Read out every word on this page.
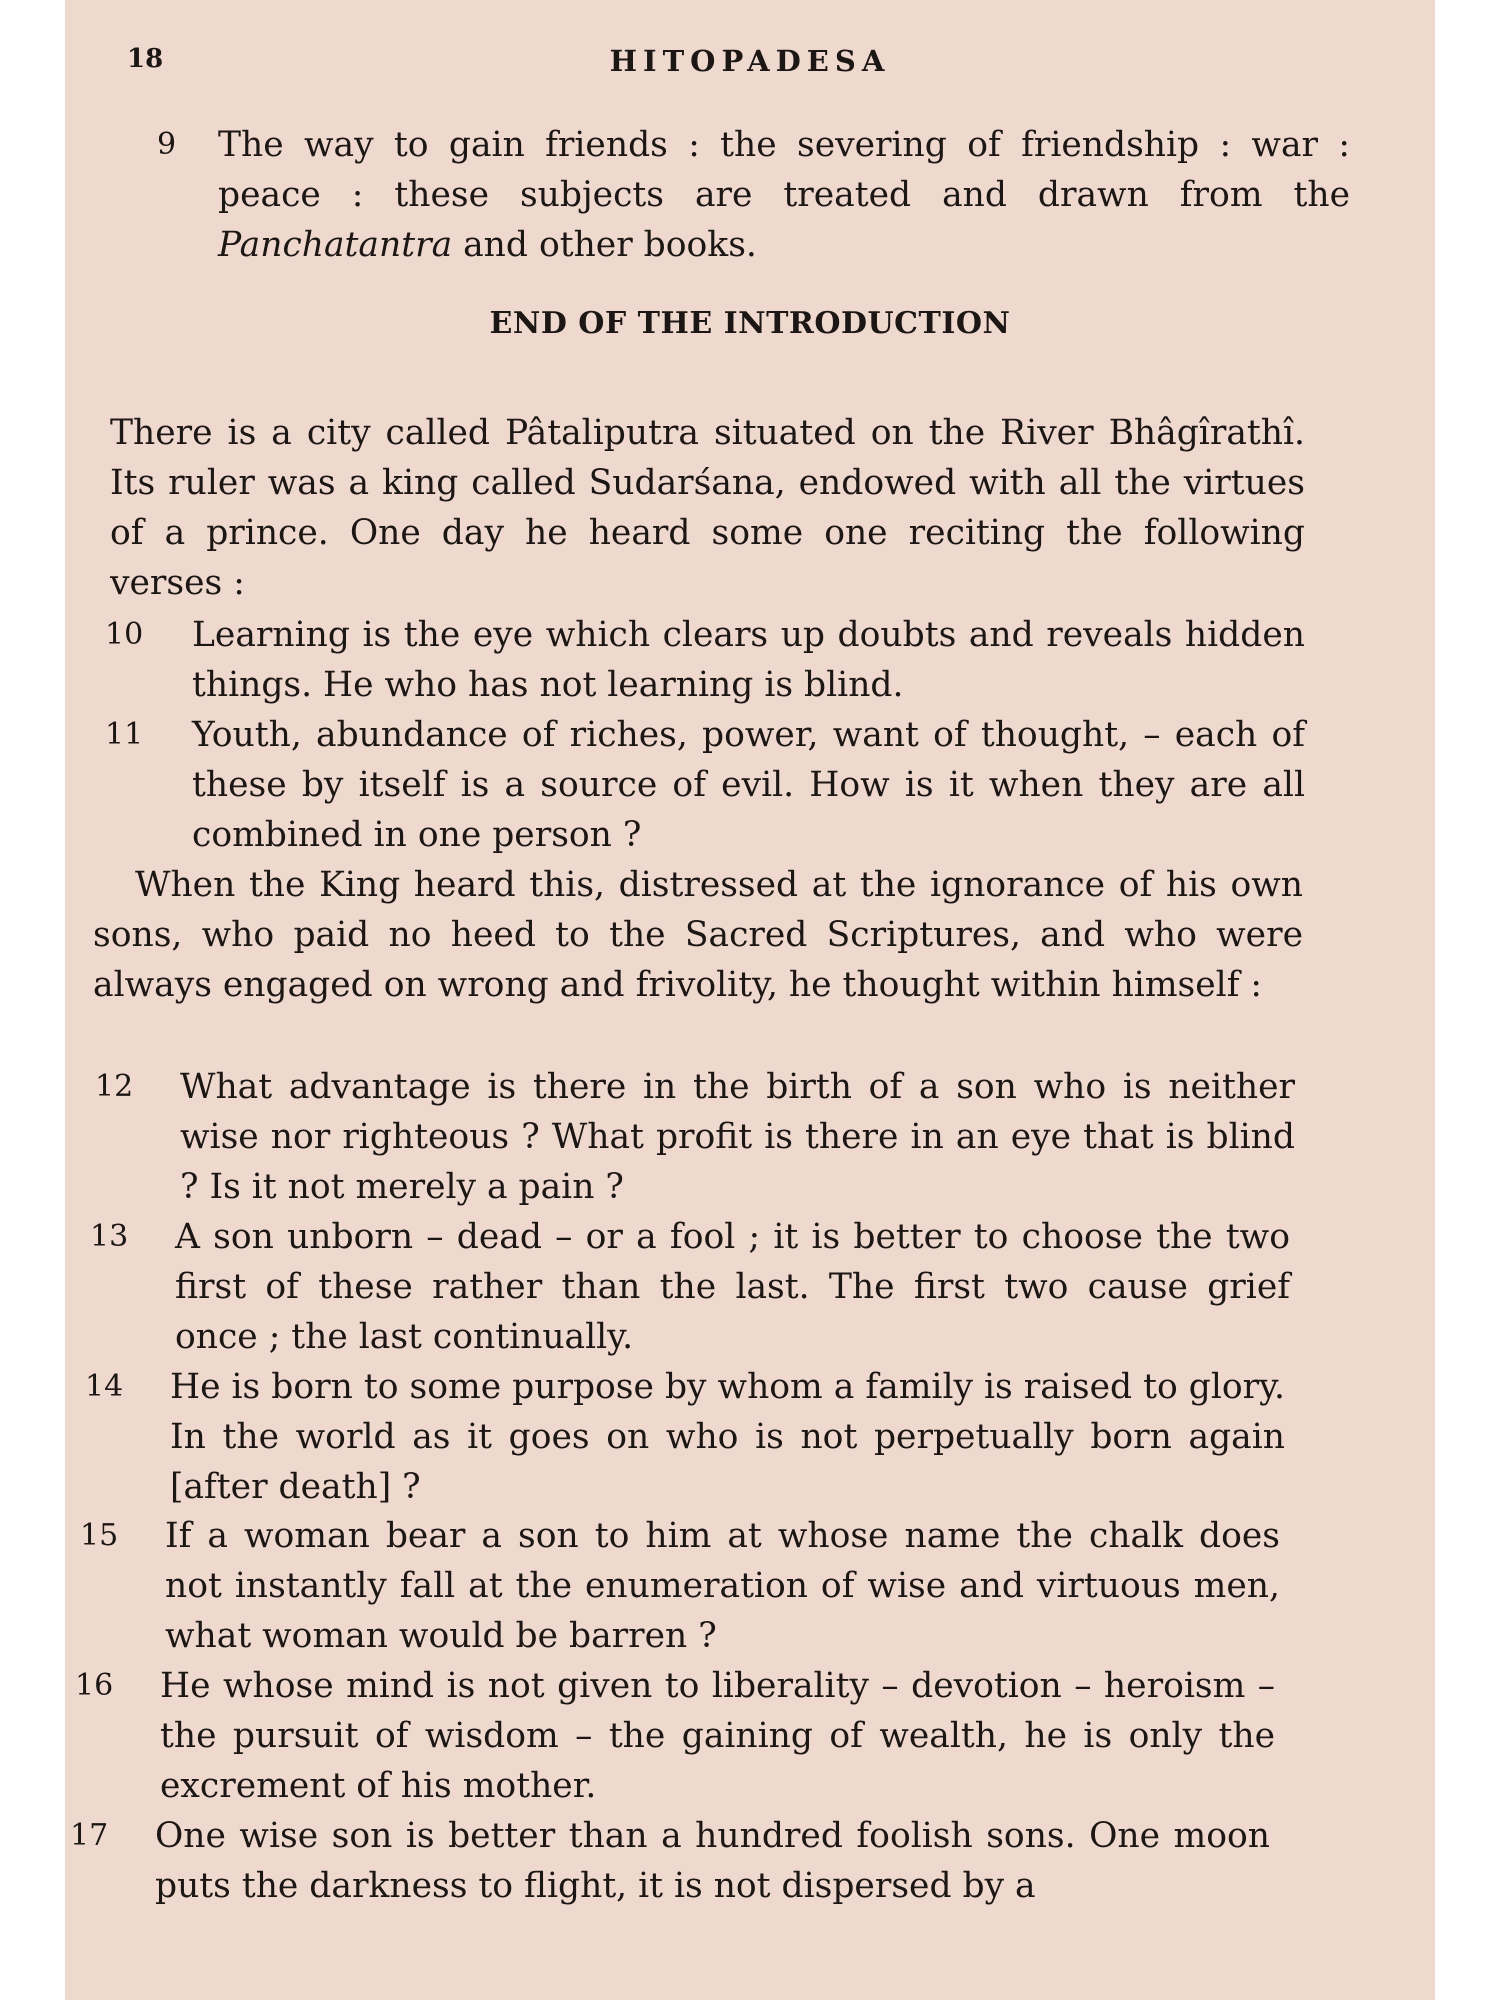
18	HITOPADESA
9 The way to gain friends : the severing of friendship : war : peace : these subjects are treated and drawn from the Panchatantra and other books.
END OF THE INTRODUCTION
There is a city called Pâtaliputra situated on the River Bhâgîrathî. Its ruler was a king called Sudarśana, endowed with all the virtues of a prince. One day he heard some one reciting the following verses :
10 Learning is the eye which clears up doubts and reveals hidden things. He who has not learning is blind.
11 Youth, abundance of riches, power, want of thought, – each of these by itself is a source of evil. How is it when they are all combined in one person ?
When the King heard this, distressed at the ignorance of his own sons, who paid no heed to the Sacred Scriptures, and who were always engaged on wrong and frivolity, he thought within himself :
12 What advantage is there in the birth of a son who is neither wise nor righteous ? What profit is there in an eye that is blind ? Is it not merely a pain ?
13 A son unborn – dead – or a fool ; it is better to choose the two first of these rather than the last. The first two cause grief once ; the last continually.
14 He is born to some purpose by whom a family is raised to glory. In the world as it goes on who is not perpetually born again [after death] ?
15 If a woman bear a son to him at whose name the chalk does not instantly fall at the enumeration of wise and virtuous men, what woman would be barren ?
16 He whose mind is not given to liberality – devotion – heroism – the pursuit of wisdom – the gaining of wealth, he is only the excrement of his mother.
17 One wise son is better than a hundred foolish sons. One moon puts the darkness to flight, it is not dispersed by a
